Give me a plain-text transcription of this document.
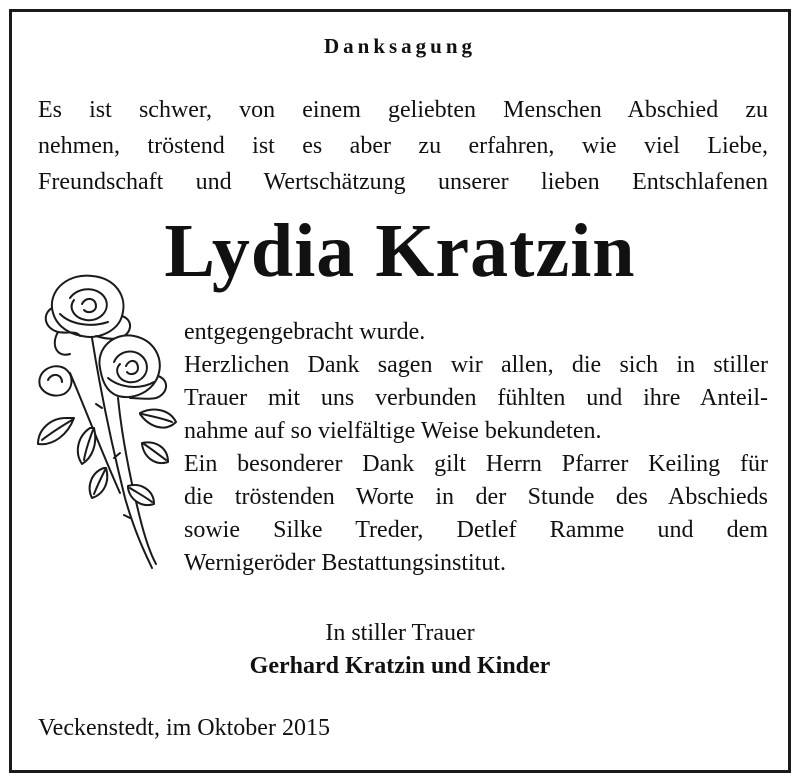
Danksagung
Es ist schwer, von einem geliebten Menschen Abschied zu
nehmen, tröstend ist es aber zu erfahren, wie viel Liebe,
Freundschaft und Wertschätzung unserer lieben Entschlafenen
Lydia Kratzin
entgegengebracht wurde.
Herzlichen Dank sagen wir allen, die sich in stiller
Trauer mit uns verbunden fühlten und ihre Anteil-
nahme auf so vielfältige Weise bekundeten.
Ein besonderer Dank gilt Herrn Pfarrer Keiling für
die tröstenden Worte in der Stunde des Abschieds
sowie Silke Treder, Detlef Ramme und dem
Wernigeröder Bestattungsinstitut.
In stiller Trauer
Gerhard Kratzin und Kinder
Veckenstedt, im Oktober 2015
